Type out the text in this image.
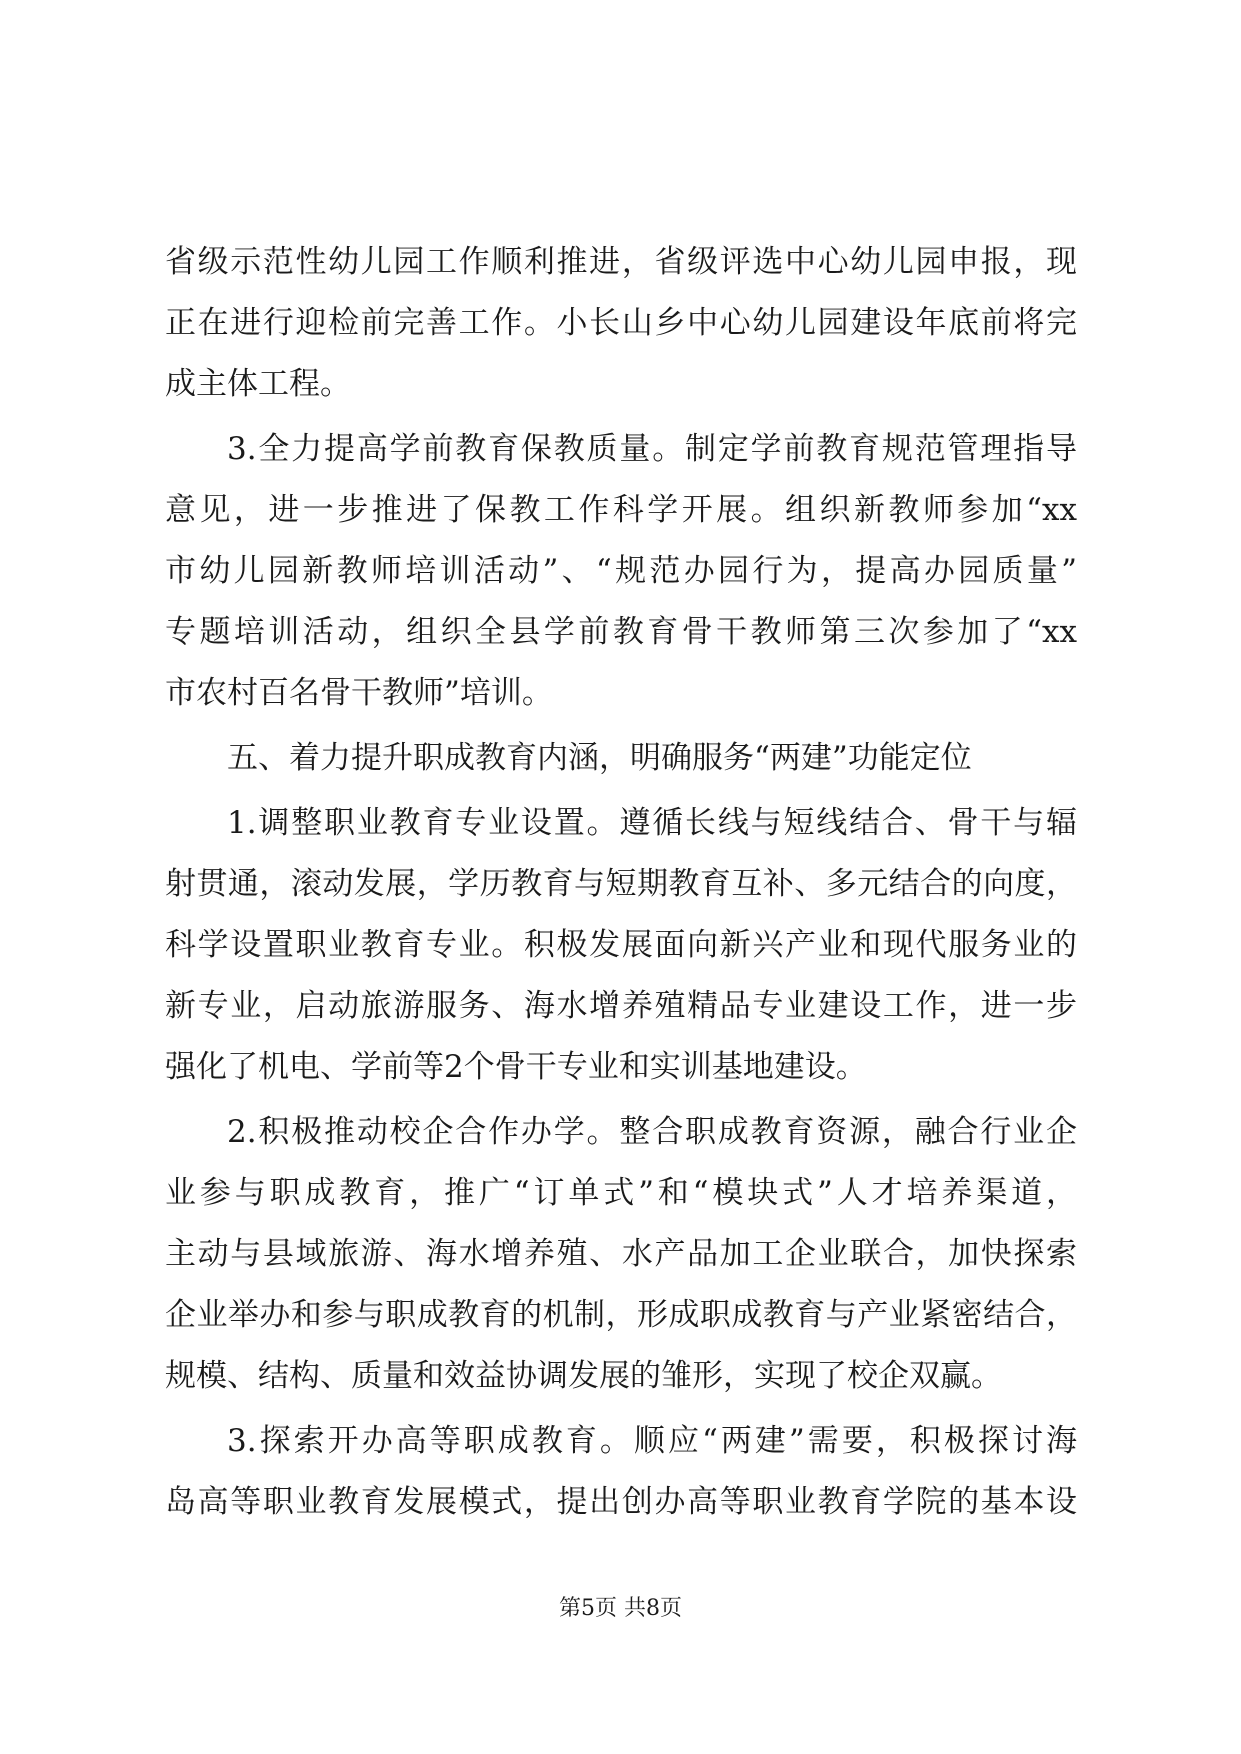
省级示范性幼儿园工作顺利推进，省级评选中心幼儿园申报，现
正在进行迎检前完善工作。小长山乡中心幼儿园建设年底前将完
成主体工程。
3.全力提高学前教育保教质量。制定学前教育规范管理指导
意见，进一步推进了保教工作科学开展。组织新教师参加“xx
市幼儿园新教师培训活动”、“规范办园行为，提高办园质量”
专题培训活动，组织全县学前教育骨干教师第三次参加了“xx
市农村百名骨干教师”培训。
五、着力提升职成教育内涵，明确服务“两建”功能定位
1.调整职业教育专业设置。遵循长线与短线结合、骨干与辐
射贯通，滚动发展，学历教育与短期教育互补、多元结合的向度，
科学设置职业教育专业。积极发展面向新兴产业和现代服务业的
新专业，启动旅游服务、海水增养殖精品专业建设工作，进一步
强化了机电、学前等2个骨干专业和实训基地建设。
2.积极推动校企合作办学。整合职成教育资源，融合行业企
业参与职成教育，推广“订单式”和“模块式”人才培养渠道，
主动与县域旅游、海水增养殖、水产品加工企业联合，加快探索
企业举办和参与职成教育的机制，形成职成教育与产业紧密结合，
规模、结构、质量和效益协调发展的雏形，实现了校企双赢。
3.探索开办高等职成教育。顺应“两建”需要，积极探讨海
岛高等职业教育发展模式，提出创办高等职业教育学院的基本设
第5页 共8页
